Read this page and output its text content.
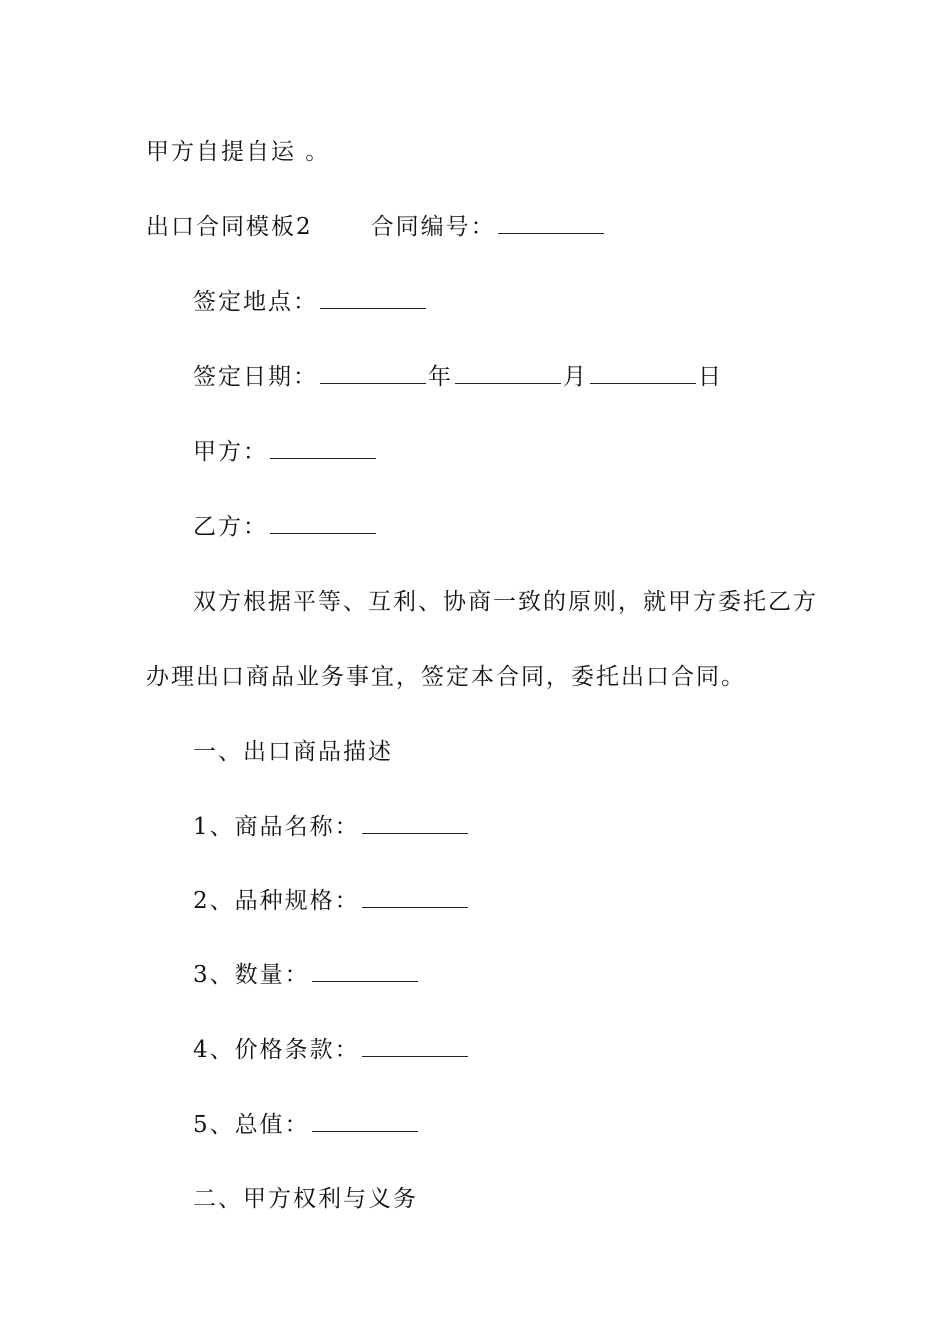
甲方自提自运 。
出口合同模板2	合同编号：
签定地点：
签定日期：	年	月	日
甲方：
乙方：
双方根据平等、互利、协商一致的原则，就甲方委托乙方
办理出口商品业务事宜，签定本合同，委托出口合同。
一、出口商品描述
1、商品名称：
2、品种规格：
3、数量：
4、价格条款：
5、总值：
二、甲方权利与义务
